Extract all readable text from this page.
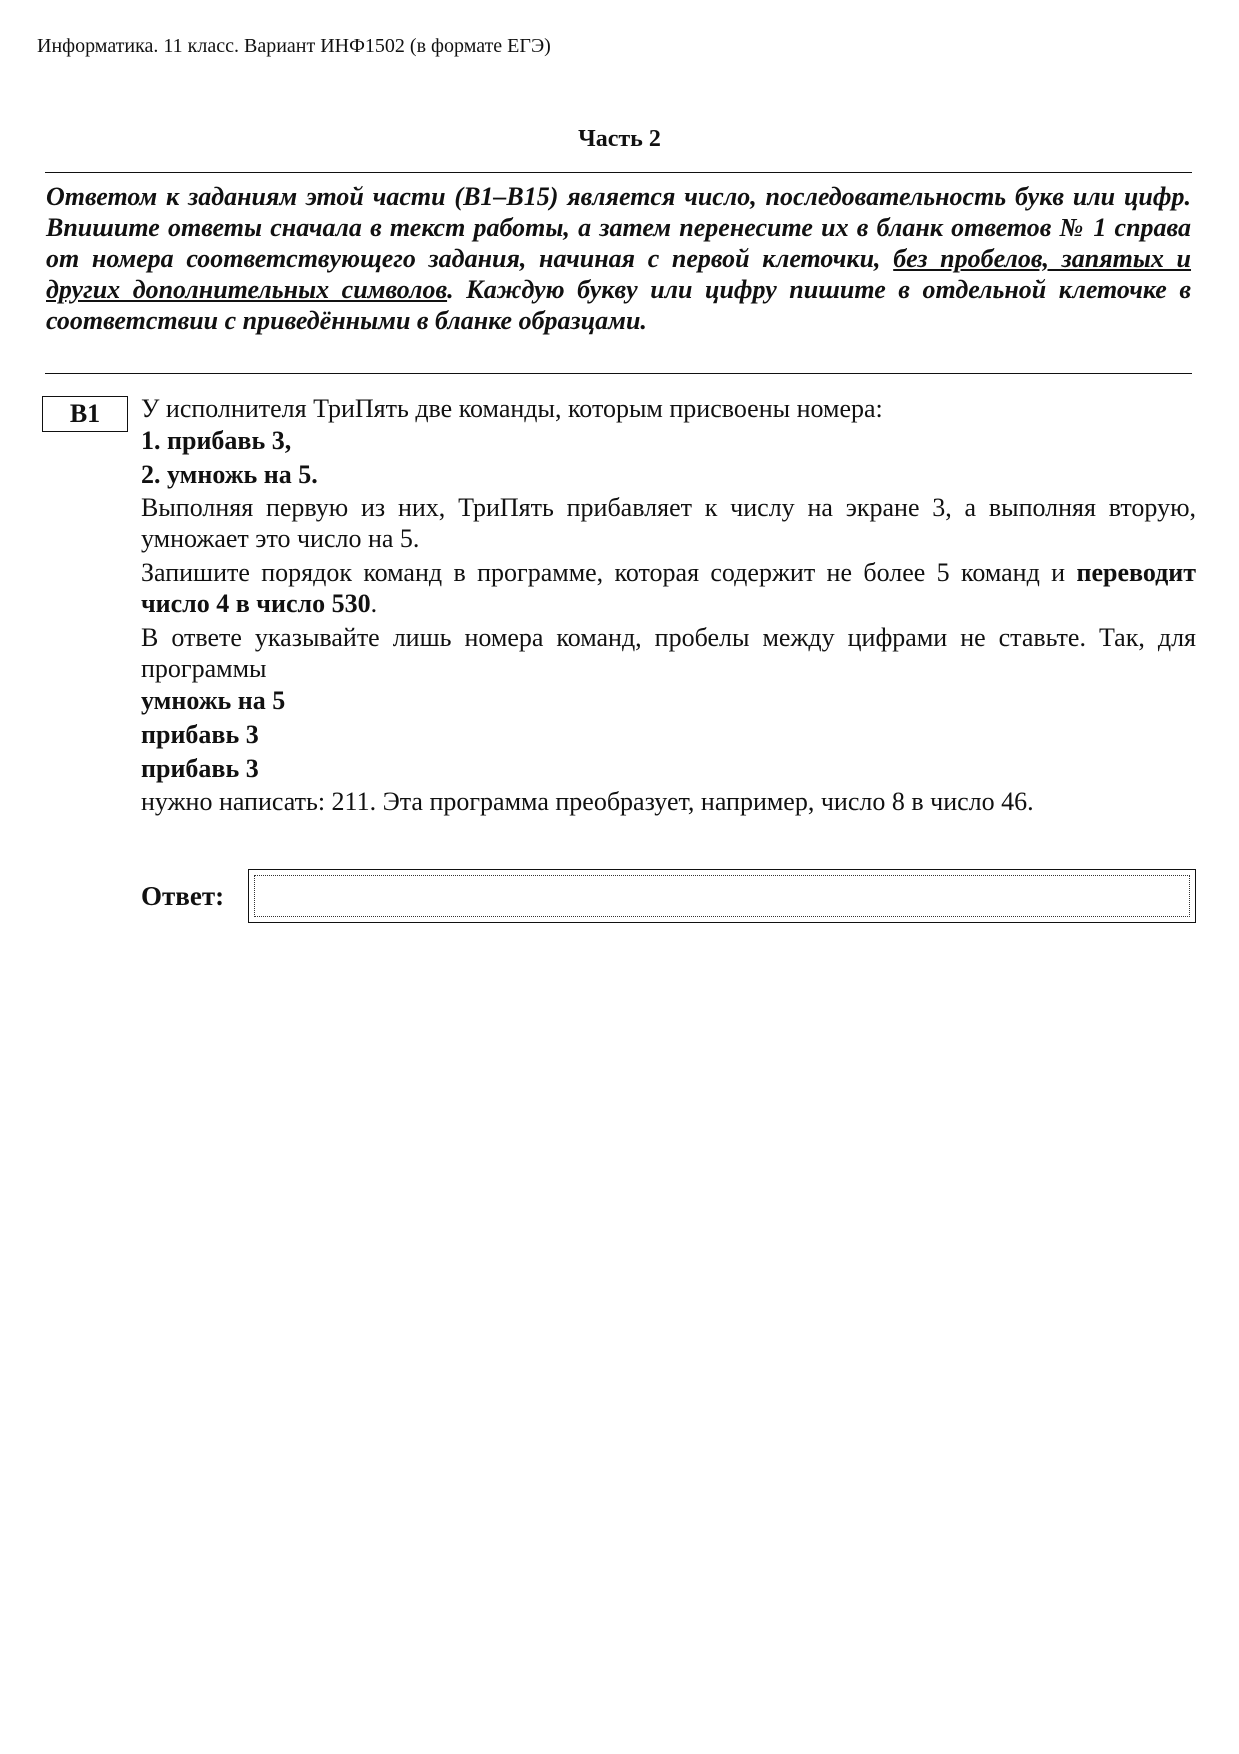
Информатика. 11 класс. Вариант ИНФ1502 (в формате ЕГЭ)
Часть 2
Ответом к заданиям этой части (В1–В15) является число, последовательность букв или цифр. Впишите ответы сначала в текст работы, а затем перенесите их в бланк ответов № 1 справа от номера соответствующего задания, начиная с первой клеточки, без пробелов, запятых и других дополнительных символов. Каждую букву или цифру пишите в отдельной клеточке в соответствии с приведёнными в бланке образцами.
B1	У исполнителя ТриПять две команды, которым присвоены номера:

1. прибавь 3,

2. умножь на 5.

Выполняя первую из них, ТриПять прибавляет к числу на экране 3, а выполняя вторую, умножает это число на 5.

Запишите порядок команд в программе, которая содержит не более 5 команд и переводит число 4 в число 530.

В ответе указывайте лишь номера команд, пробелы между цифрами не ставьте. Так, для программы

умножь на 5

прибавь 3

прибавь 3

нужно написать: 211. Эта программа преобразует, например, число 8 в число 46.

Ответ:
